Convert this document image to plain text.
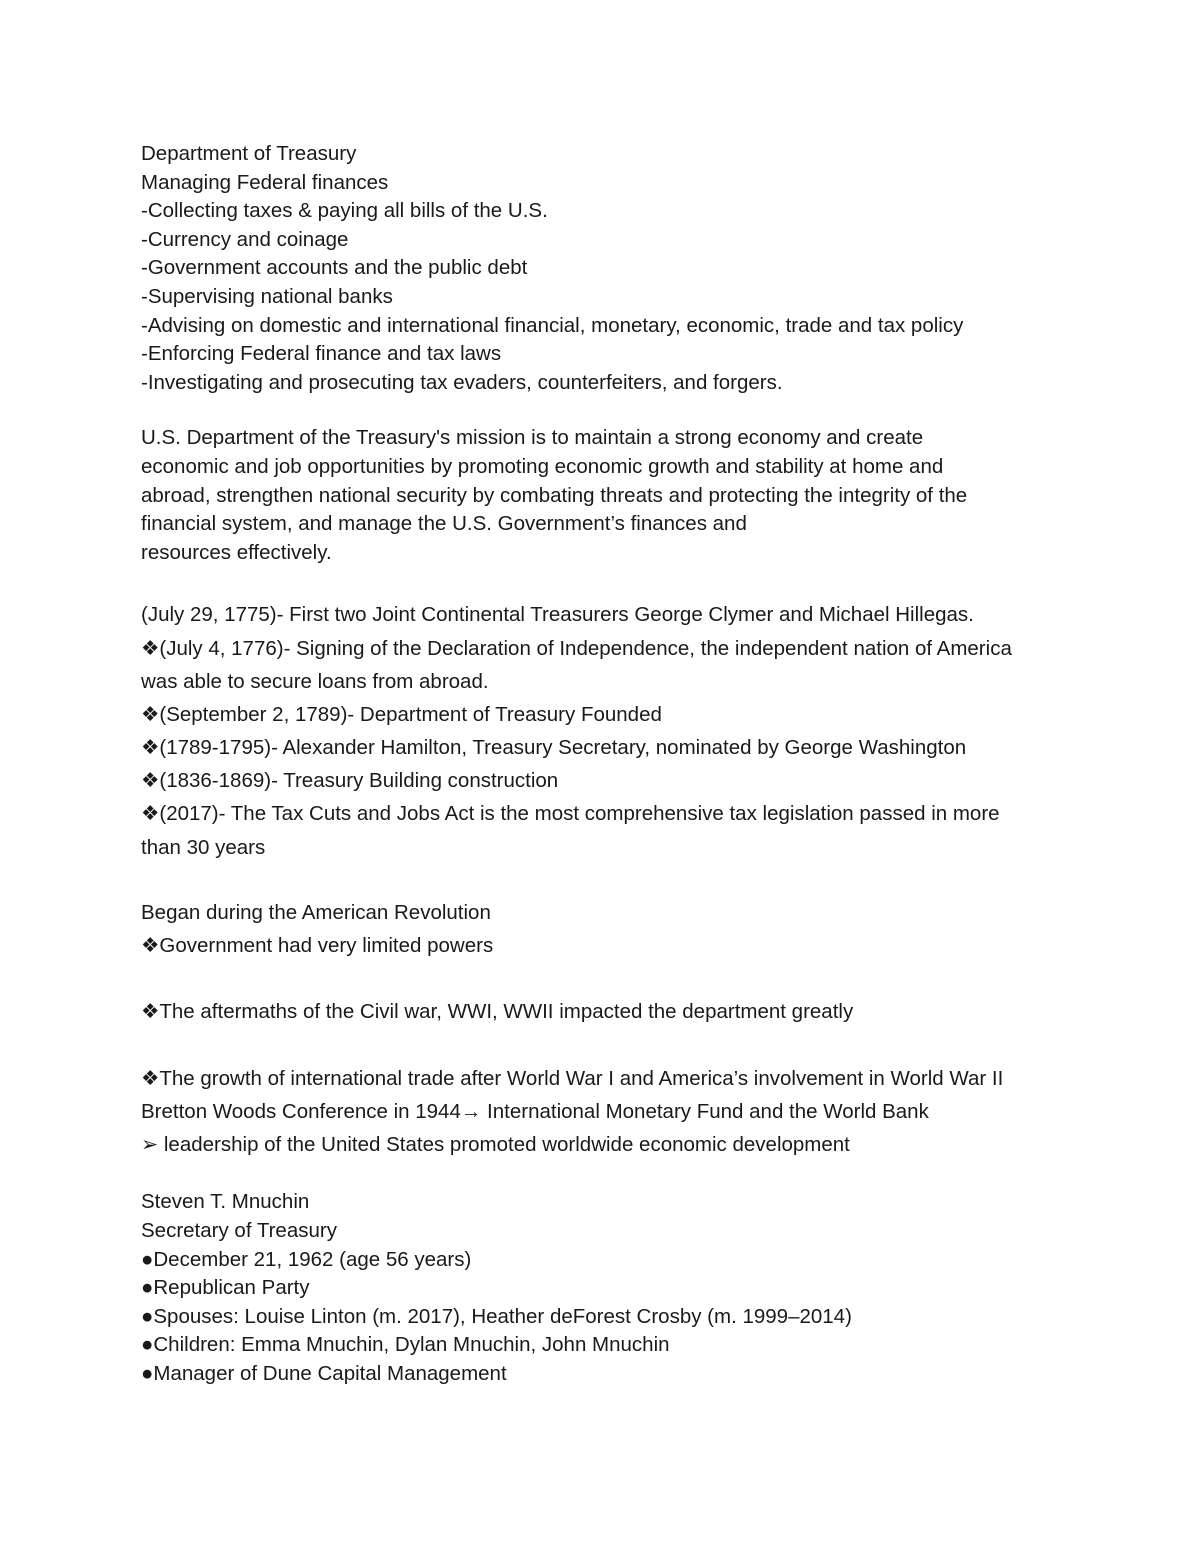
Department of Treasury
Managing Federal finances
-Collecting taxes & paying all bills of the U.S.
-Currency and coinage
-Government accounts and the public debt
-Supervising national banks
-Advising on domestic and international financial, monetary, economic, trade and tax policy
-Enforcing Federal finance and tax laws
-Investigating and prosecuting tax evaders, counterfeiters, and forgers.
U.S. Department of the Treasury's mission is to maintain a strong economy and create
economic and job opportunities by promoting economic growth and stability at home and
abroad, strengthen national security by combating threats and protecting the integrity of the
financial system, and manage the U.S. Government’s finances and
resources effectively.
(July 29, 1775)- First two Joint Continental Treasurers George Clymer and Michael Hillegas.
❖(July 4, 1776)- Signing of the Declaration of Independence, the independent nation of America
was able to secure loans from abroad.
❖(September 2, 1789)- Department of Treasury Founded
❖(1789-1795)- Alexander Hamilton, Treasury Secretary, nominated by George Washington
❖(1836-1869)- Treasury Building construction
❖(2017)- The Tax Cuts and Jobs Act is the most comprehensive tax legislation passed in more
than 30 years
Began during the American Revolution
❖Government had very limited powers
❖The aftermaths of the Civil war, WWI, WWII impacted the department greatly
❖The growth of international trade after World War I and America’s involvement in World War II
Bretton Woods Conference in 1944→ International Monetary Fund and the World Bank
➢ leadership of the United States promoted worldwide economic development
Steven T. Mnuchin
Secretary of Treasury
●December 21, 1962 (age 56 years)
●Republican Party
●Spouses: Louise Linton (m. 2017), Heather deForest Crosby (m. 1999–2014)
●Children: Emma Mnuchin, Dylan Mnuchin, John Mnuchin
●Manager of Dune Capital Management
